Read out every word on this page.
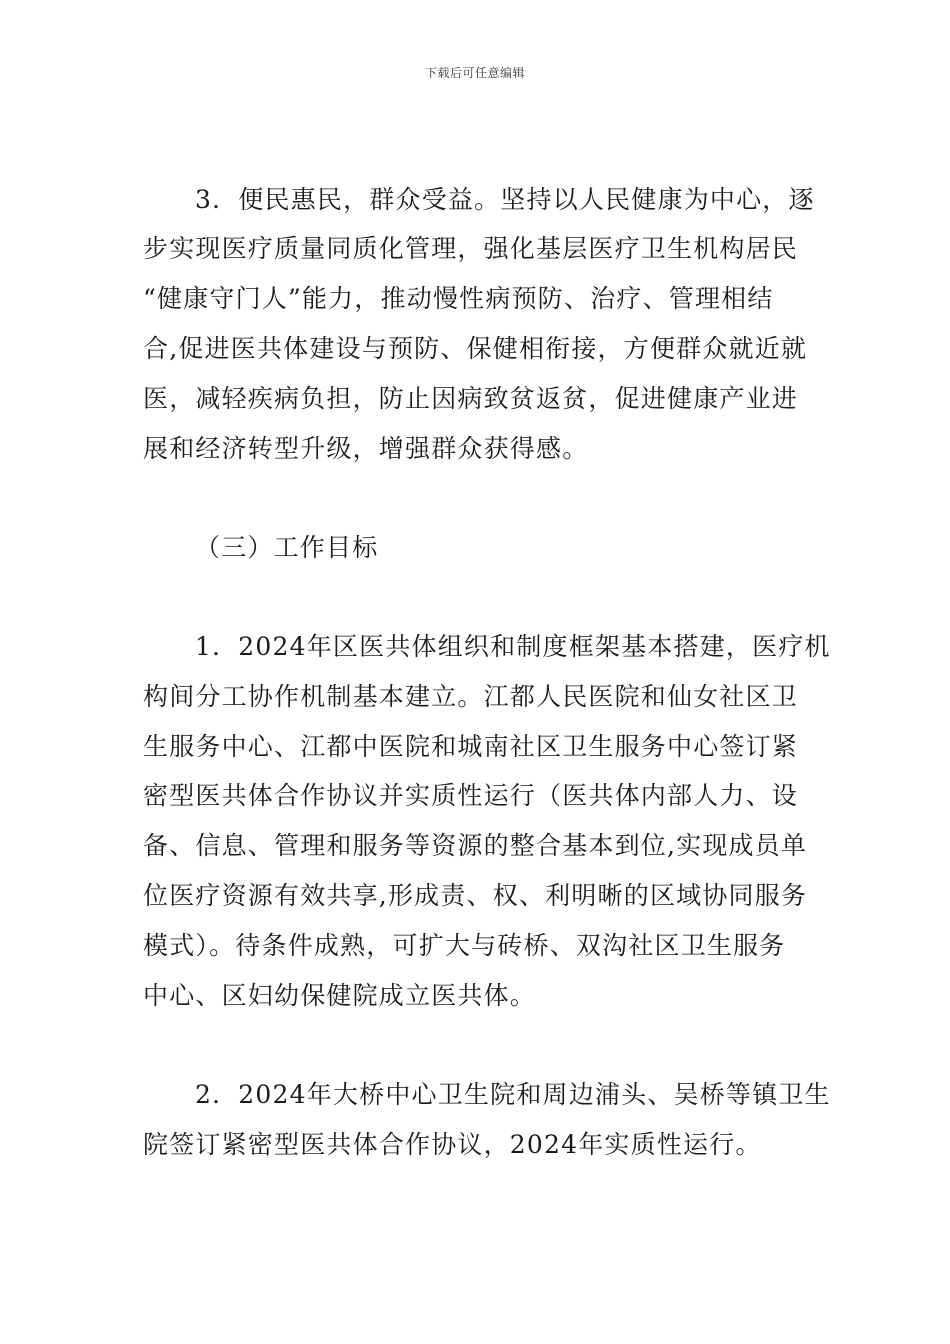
下载后可任意编辑
3．便民惠民，群众受益。坚持以人民健康为中心，逐
步实现医疗质量同质化管理，强化基层医疗卫生机构居民
“健康守门人”能力，推动慢性病预防、治疗、管理相结
合,促进医共体建设与预防、保健相衔接，方便群众就近就
医，减轻疾病负担，防止因病致贫返贫，促进健康产业进
展和经济转型升级，增强群众获得感。
（三）工作目标
1．2024年区医共体组织和制度框架基本搭建，医疗机
构间分工协作机制基本建立。江都人民医院和仙女社区卫
生服务中心、江都中医院和城南社区卫生服务中心签订紧
密型医共体合作协议并实质性运行（医共体内部人力、设
备、信息、管理和服务等资源的整合基本到位,实现成员单
位医疗资源有效共享,形成责、权、利明晰的区域协同服务
模式）。待条件成熟，可扩大与砖桥、双沟社区卫生服务
中心、区妇幼保健院成立医共体。
2．2024年大桥中心卫生院和周边浦头、吴桥等镇卫生
院签订紧密型医共体合作协议，2024年实质性运行。
